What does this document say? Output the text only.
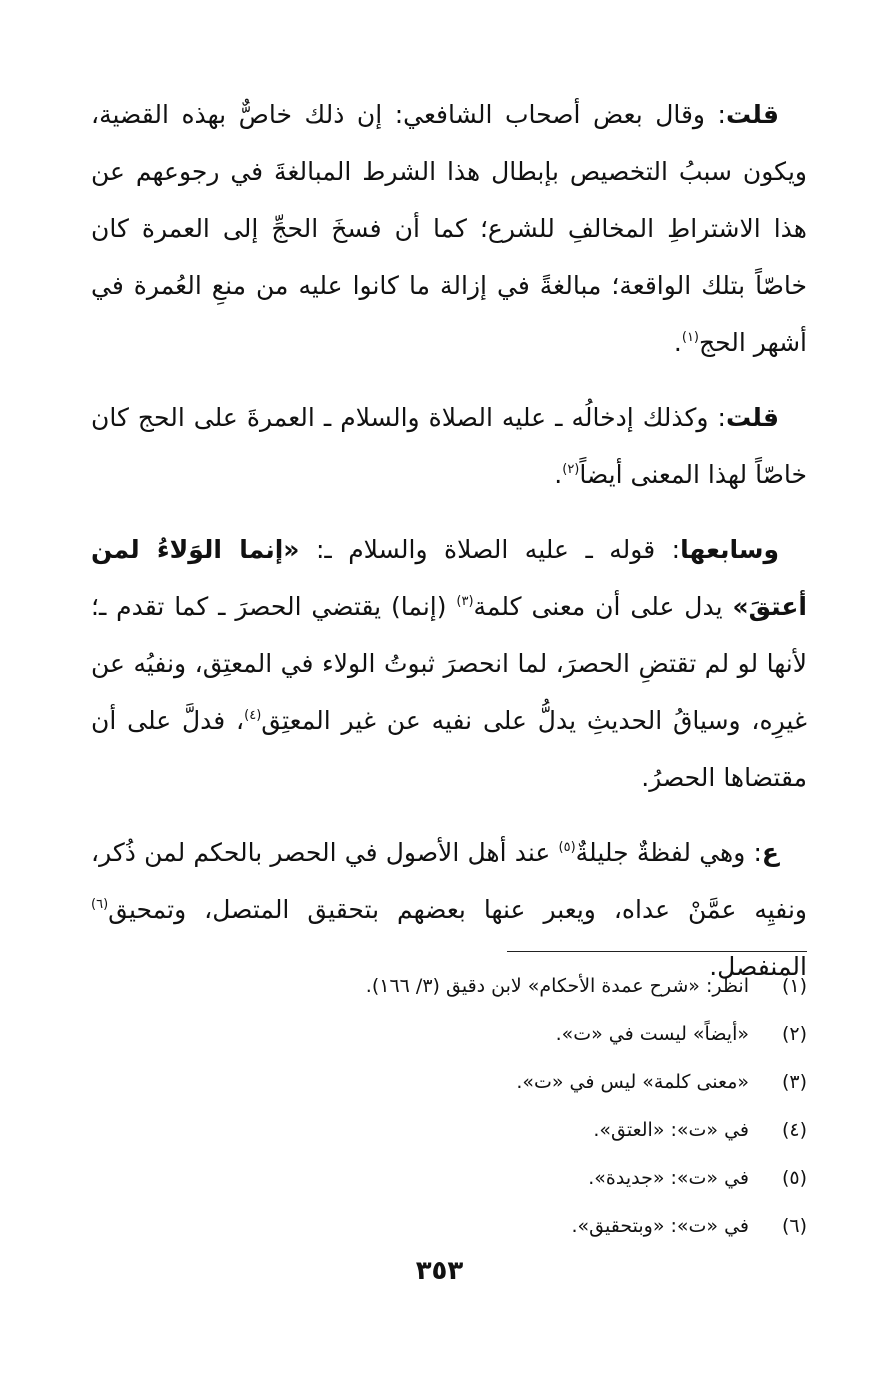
قلت: وقال بعض أصحاب الشافعي: إن ذلك خاصٌّ بهذه القضية، ويكون سببُ التخصيص بإبطال هذا الشرط المبالغةَ في رجوعهم عن هذا الاشتراطِ المخالفِ للشرع؛ كما أن فسخَ الحجِّ إلى العمرة كان خاصّاً بتلك الواقعة؛ مبالغةً في إزالة ما كانوا عليه من منعِ العُمرة في أشهر الحج$^{(١)}$.

قلت: وكذلك إدخالُه ـ عليه الصلاة والسلام ـ العمرةَ على الحج كان خاصّاً لهذا المعنى أيضاً$^{(٢)}$.

وسابعها: قوله ـ عليه الصلاة والسلام ـ: «إنما الوَلاءُ لمن أعتقَ» يدل على أن معنى كلمة$^{(٣)}$ (إنما) يقتضي الحصرَ ـ كما تقدم ـ؛ لأنها لو لم تقتضِ الحصرَ، لما انحصرَ ثبوتُ الولاء في المعتِق، ونفيُه عن غيرِه، وسياقُ الحديثِ يدلُّ على نفيه عن غير المعتِق$^{(٤)}$، فدلَّ على أن مقتضاها الحصرُ.

ع: وهي لفظةٌ جليلةٌ$^{(٥)}$ عند أهل الأصول في الحصر بالحكم لمن ذُكر، ونفيِه عمَّنْ عداه، ويعبر عنها بعضهم بتحقيق المتصل، وتمحيق$^{(٦)}$ المنفصل.

(١)
انظر: «شرح عمدة الأحكام» لابن دقيق (٣/ ١٦٦).
(٢)
«أيضاً» ليست في «ت».
(٣)
«معنى كلمة» ليس في «ت».
(٤)
في «ت»: «العتق».
(٥)
في «ت»: «جديدة».
(٦)
في «ت»: «وبتحقيق».
٣٥٣
